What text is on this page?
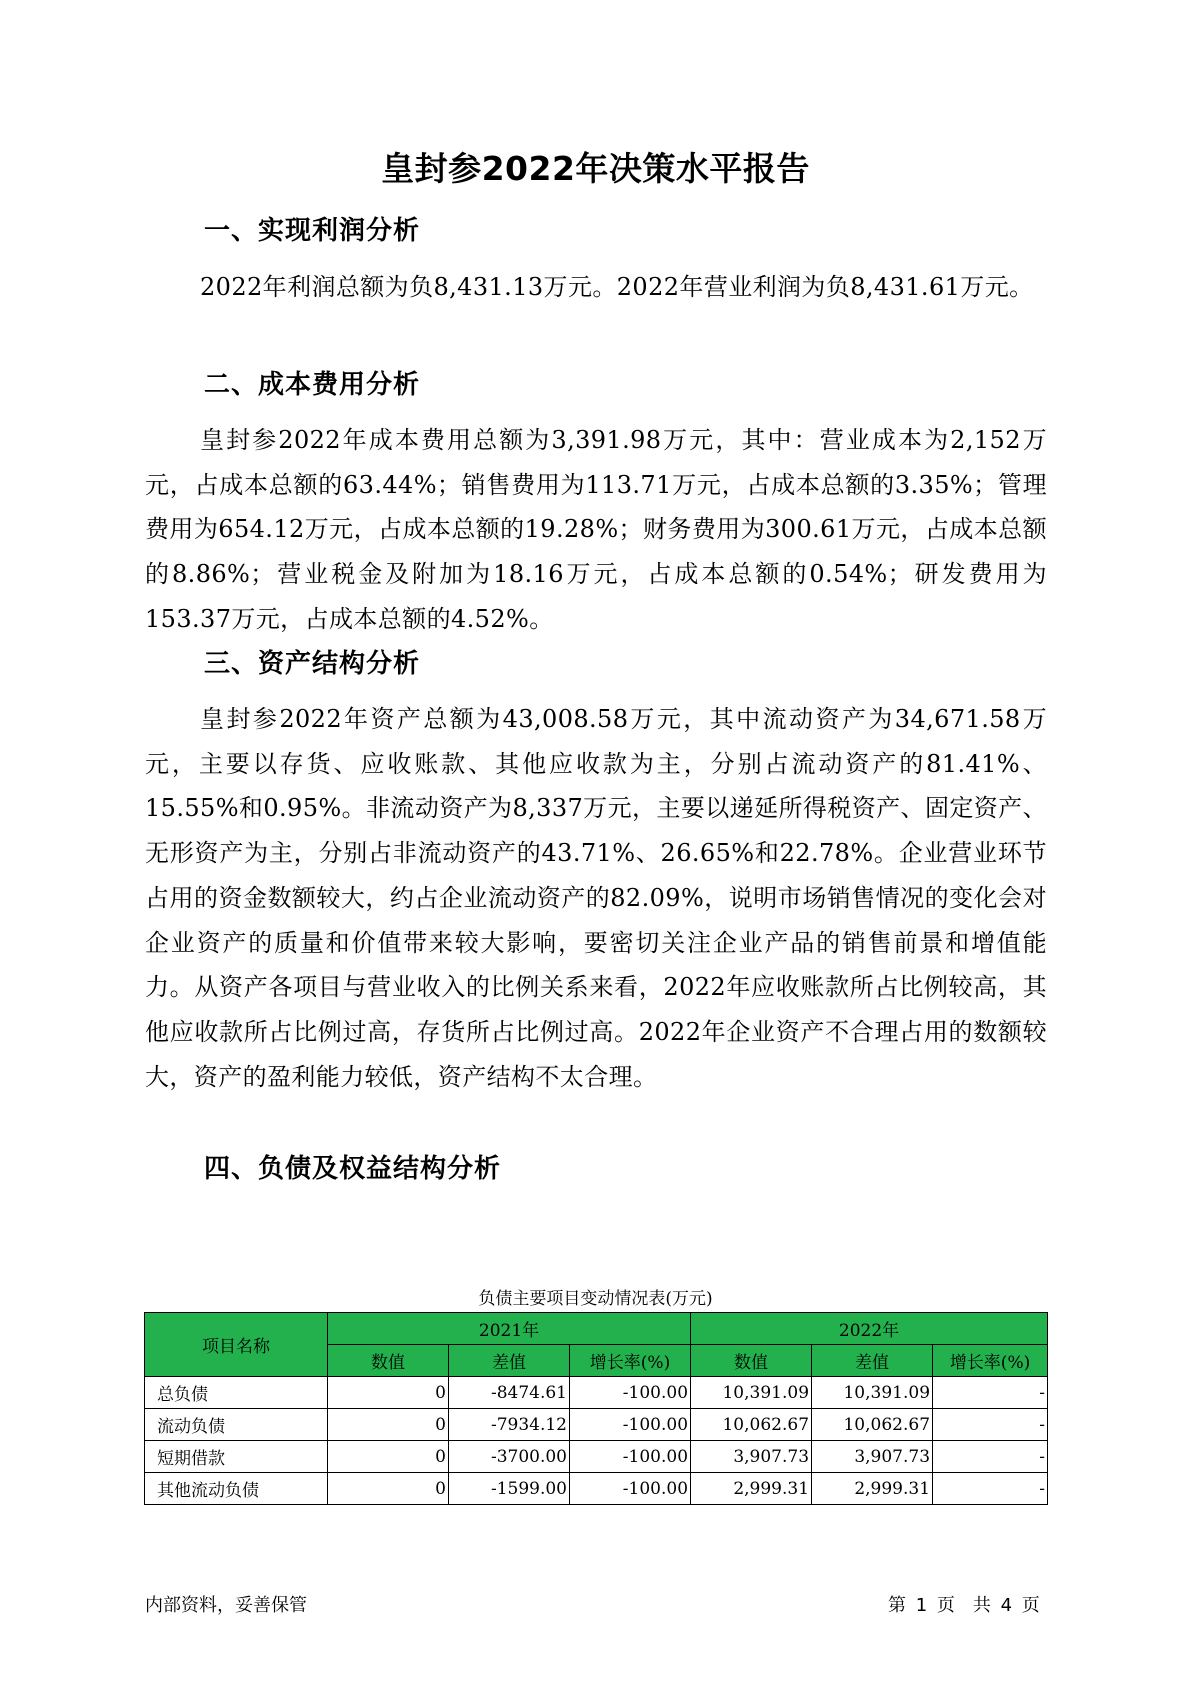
皇封参2022年决策水平报告
一、实现利润分析

2022年利润总额为负8,431.13万元。2022年营业利润为负8,431.61万元。

二、成本费用分析

皇封参2022年成本费用总额为3,391.98万元，其中：营业成本为2,152万元，占成本总额的63.44%；销售费用为113.71万元，占成本总额的3.35%；管理费用为654.12万元，占成本总额的19.28%；财务费用为300.61万元，占成本总额的8.86%；营业税金及附加为18.16万元，占成本总额的0.54%；研发费用为153.37万元，占成本总额的4.52%。

三、资产结构分析

皇封参2022年资产总额为43,008.58万元，其中流动资产为34,671.58万元，主要以存货、应收账款、其他应收款为主，分别占流动资产的81.41%、15.55%和0.95%。非流动资产为8,337万元，主要以递延所得税资产、固定资产、无形资产为主，分别占非流动资产的43.71%、26.65%和22.78%。企业营业环节占用的资金数额较大，约占企业流动资产的82.09%，说明市场销售情况的变化会对企业资产的质量和价值带来较大影响，要密切关注企业产品的销售前景和增值能力。从资产各项目与营业收入的比例关系来看，2022年应收账款所占比例较高，其他应收款所占比例过高，存货所占比例过高。2022年企业资产不合理占用的数额较大，资产的盈利能力较低，资产结构不太合理。

四、负债及权益结构分析
负债主要项目变动情况表(万元)
项目名称	2021年			2022年		
	数值	差值	增长率(%)	数值	差值	增长率(%)
总负债	0	-8474.61	-100.00	10,391.09	10,391.09	-
流动负债	0	-7934.12	-100.00	10,062.67	10,062.67	-
短期借款	0	-3700.00	-100.00	3,907.73	3,907.73	-
其他流动负债	0	-1599.00	-100.00	2,999.31	2,999.31	-
内部资料，妥善保管	第 1 页　共 4 页
